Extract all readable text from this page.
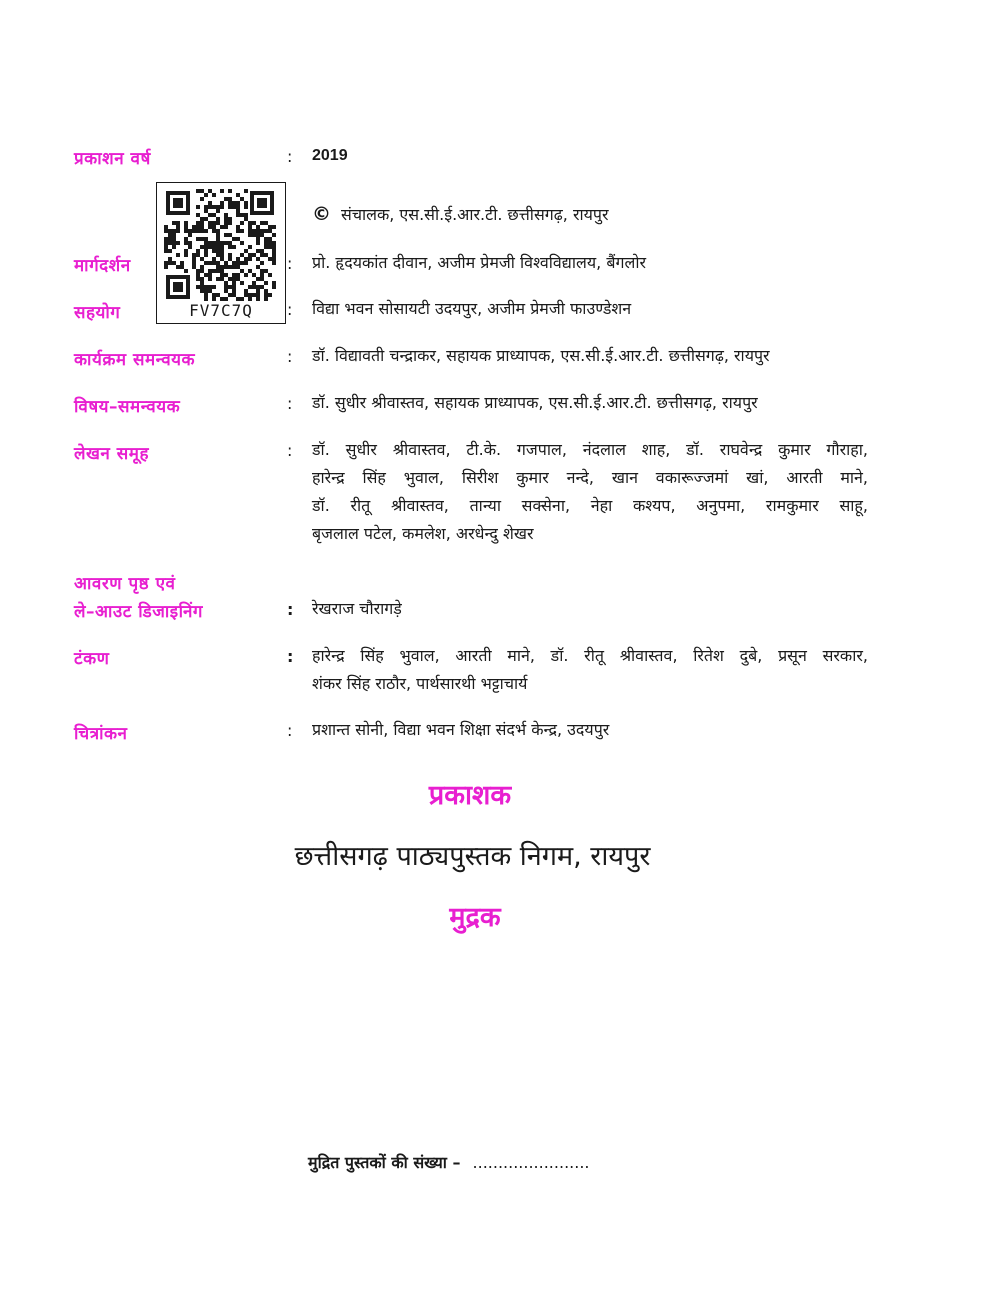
प्रकाशन वर्ष	: 2019
FV7C7Q
© संचालक, एस.सी.ई.आर.टी. छत्तीसगढ़, रायपुर
मार्गदर्शन	: प्रो. हृदयकांत दीवान, अजीम प्रेमजी विश्वविद्यालय, बैंगलोर
सहयोग	: विद्या भवन सोसायटी उदयपुर, अजीम प्रेमजी फाउण्डेशन
कार्यक्रम समन्वयक	: डॉ. विद्यावती चन्द्राकर, सहायक प्राध्यापक, एस.सी.ई.आर.टी. छत्तीसगढ़, रायपुर
विषय–समन्वयक	: डॉ. सुधीर श्रीवास्तव, सहायक प्राध्यापक, एस.सी.ई.आर.टी. छत्तीसगढ़, रायपुर
लेखन समूह	: डॉ. सुधीर श्रीवास्तव, टी.के. गजपाल, नंदलाल शाह, डॉ. राघवेन्द्र कुमार गौराहा,
हारेन्द्र सिंह भुवाल, सिरीश कुमार नन्दे, खान वकारूज्जमां खां, आरती माने,
डॉ. रीतू श्रीवास्तव, तान्या सक्सेना, नेहा कश्यप, अनुपमा, रामकुमार साहू,
बृजलाल पटेल, कमलेश, अरधेन्दु शेखर
आवरण पृष्ठ एवं
ले–आउट डिजाइनिंग	: रेखराज चौरागड़े
टंकण	: हारेन्द्र सिंह भुवाल, आरती माने, डॉ. रीतू श्रीवास्तव, रितेश दुबे, प्रसून सरकार,
शंकर सिंह राठौर, पार्थसारथी भट्टाचार्य
चित्रांकन	: प्रशान्त सोनी, विद्या भवन शिक्षा संदर्भ केन्द्र, उदयपुर
प्रकाशक
छत्तीसगढ़ पाठ्यपुस्तक निगम, रायपुर
मुद्रक
मुद्रित पुस्तकों की संख्या – .......................
